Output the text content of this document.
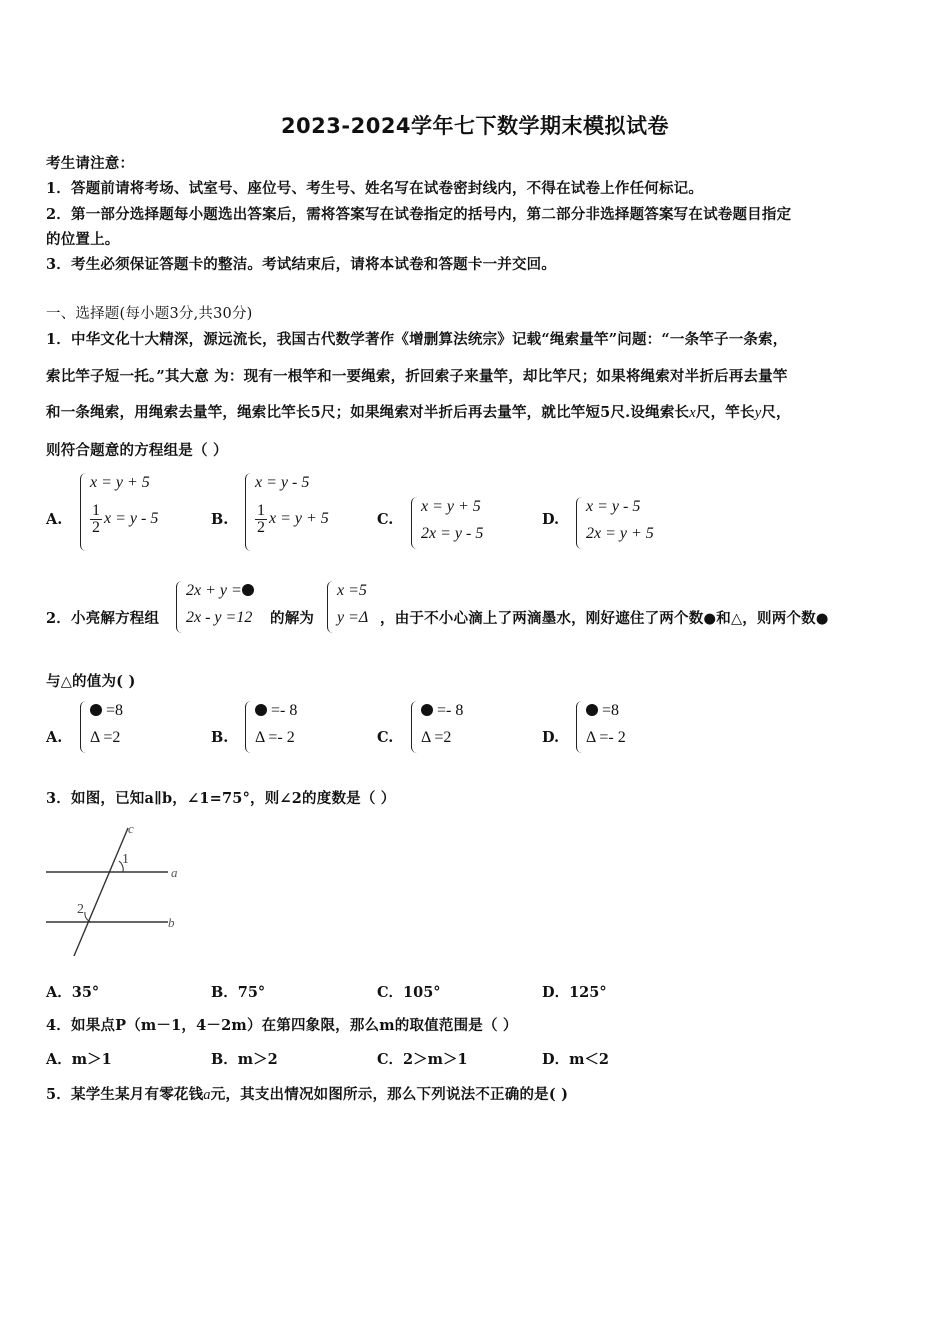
2023-2024学年七下数学期末模拟试卷
考生请注意：
1．答题前请将考场、试室号、座位号、考生号、姓名写在试卷密封线内，不得在试卷上作任何标记。
2．第一部分选择题每小题选出答案后，需将答案写在试卷指定的括号内，第二部分非选择题答案写在试卷题目指定
的位置上。
3．考生必须保证答题卡的整洁。考试结束后，请将本试卷和答题卡一并交回。
一、选择题(每小题3分,共30分)
1．中华文化十大精深，源远流长，我国古代数学著作《增删算法统宗》记载“绳索量竿”问题：“一条竿子一条索，
索比竿子短一托。”其大意 为：现有一根竿和一要绳索，折回索子来量竿，却比竿尺；如果将绳索对半折后再去量竿
和一条绳索，用绳索去量竿，绳索比竿长5尺；如果绳索对半折后再去量竿，就比竿短5尺.设绳索长x尺，竿长y尺，
则符合题意的方程组是（ ）
A.
x = y + 5
$\frac{1}{2}$ x = y - 5	B.
x = y - 5
$\frac{1}{2}$ x = y + 5	C.
x = y + 5
2x = y - 5
D.
x = y - 5
2x = y + 5
2．小亮解方程组
2x + y =
2x - y =12 的解为
x =5
y =Δ ，由于不小心滴上了两滴墨水，刚好遮住了两个数●和△，则两个数●
与△的值为( )
A.
=8
Δ =2	B.
=- 8
Δ =- 2	C.
=- 8
Δ =2	D.
=8
Δ =- 2
3．如图，已知a∥b，∠1=75°，则∠2的度数是（ ）
c
1
a
2
b
A．35°	B．75°	C．105°	D．125°
4．如果点P（m－1，4－2m）在第四象限，那么m的取值范围是（ ）
A．m＞1	B．m＞2	C．2＞m＞1	D．m＜2
5．某学生某月有零花钱a元，其支出情况如图所示，那么下列说法不正确的是( )
